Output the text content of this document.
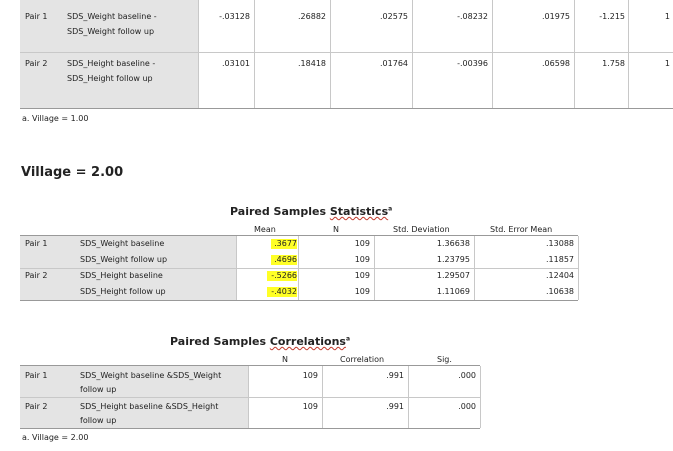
Pair 1 SDS_Weight baseline -
SDS_Weight follow up
-.03128	.26882	.02575	-.08232	.01975	-1.215	1
Pair 2 SDS_Height baseline -
SDS_Height follow up
.03101	.18418	.01764	-.00396	.06598	1.758	1
a. Village = 1.00
Village = 2.00
Paired Samples Statistics$^a$
Mean	N	Std. Deviation	Std. Error Mean
Pair 1	SDS_Weight baseline	.3677	109	1.36638	.13088
SDS_Weight follow up	.4696	109	1.23795	.11857
Pair 2	SDS_Height baseline	-.5266	109	1.29507	.12404
SDS_Height follow up	-.4032	109	1.11069	.10638
Paired Samples Correlations$^a$
N	Correlation	Sig.
Pair 1	SDS_Weight baseline &SDS_Weight
follow up
109	.991	.000
Pair 2	SDS_Height baseline &SDS_Height
follow up
109	.991	.000
a. Village = 2.00
